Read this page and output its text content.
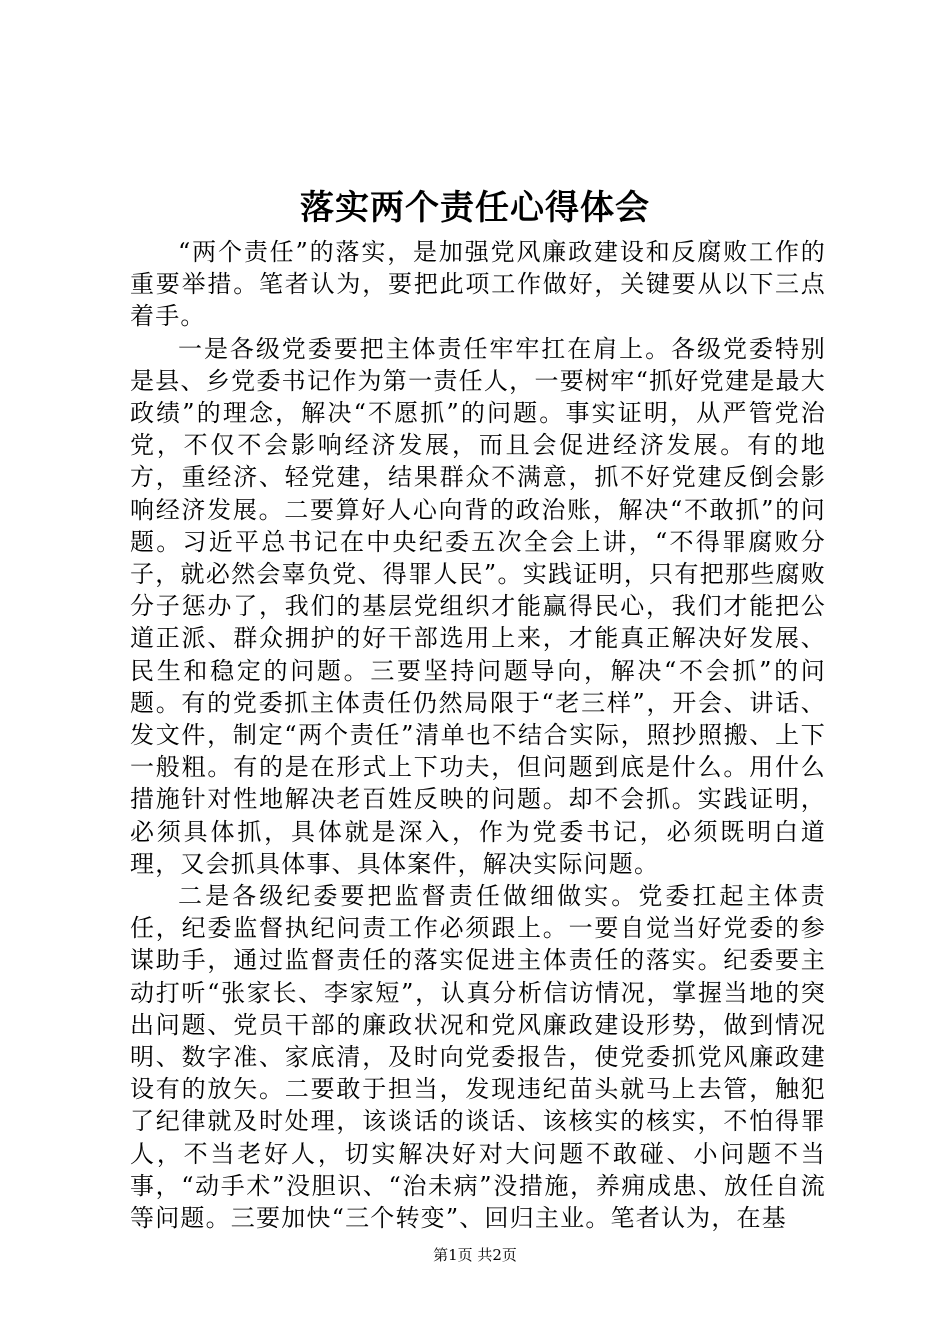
落实两个责任心得体会

“两个责任”的落实，是加强党风廉政建设和反腐败工作的重要举措。笔者认为，要把此项工作做好，关键要从以下三点着手。

一是各级党委要把主体责任牢牢扛在肩上。各级党委特别是县、乡党委书记作为第一责任人，一要树牢“抓好党建是最大政绩”的理念，解决“不愿抓”的问题。事实证明，从严管党治党，不仅不会影响经济发展，而且会促进经济发展。有的地方，重经济、轻党建，结果群众不满意，抓不好党建反倒会影响经济发展。二要算好人心向背的政治账，解决“不敢抓”的问题。习近平总书记在中央纪委五次全会上讲，“不得罪腐败分子，就必然会辜负党、得罪人民”。实践证明，只有把那些腐败分子惩办了，我们的基层党组织才能赢得民心，我们才能把公道正派、群众拥护的好干部选用上来，才能真正解决好发展、民生和稳定的问题。三要坚持问题导向，解决“不会抓”的问题。有的党委抓主体责任仍然局限于“老三样”，开会、讲话、发文件，制定“两个责任”清单也不结合实际，照抄照搬、上下一般粗。有的是在形式上下功夫，但问题到底是什么。用什么措施针对性地解决老百姓反映的问题。却不会抓。实践证明，必须具体抓，具体就是深入，作为党委书记，必须既明白道理，又会抓具体事、具体案件，解决实际问题。

二是各级纪委要把监督责任做细做实。党委扛起主体责任，纪委监督执纪问责工作必须跟上。一要自觉当好党委的参谋助手，通过监督责任的落实促进主体责任的落实。纪委要主动打听“张家长、李家短”，认真分析信访情况，掌握当地的突出问题、党员干部的廉政状况和党风廉政建设形势，做到情况明、数字准、家底清，及时向党委报告，使党委抓党风廉政建设有的放矢。二要敢于担当，发现违纪苗头就马上去管，触犯了纪律就及时处理，该谈话的谈话、该核实的核实，不怕得罪人，不当老好人，切实解决好对大问题不敢碰、小问题不当事，“动手术”没胆识、“治未病”没措施，养痈成患、放任自流等问题。三要加快“三个转变”、回归主业。笔者认为，在基

第1页 共2页
